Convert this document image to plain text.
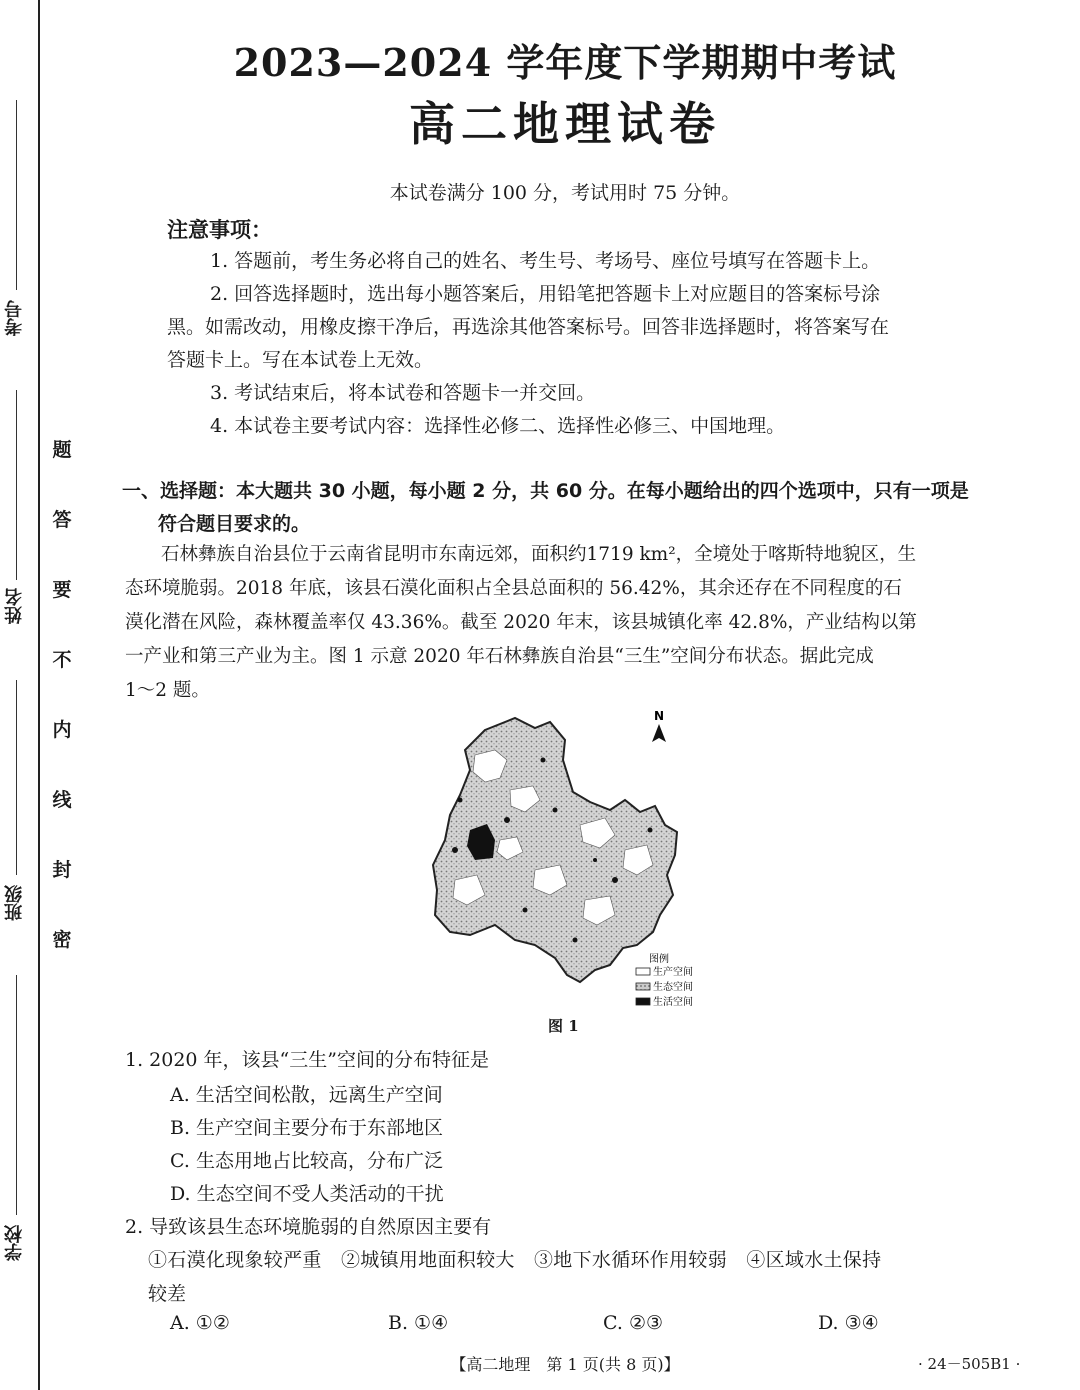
考号
姓名
班级
学校
题
答
要
不
内
线
封
密
2023—2024 学年度下学期期中考试
高二地理试卷
本试卷满分 100 分，考试用时 75 分钟。
注意事项：
1. 答题前，考生务必将自己的姓名、考生号、考场号、座位号填写在答题卡上。
2. 回答选择题时，选出每小题答案后，用铅笔把答题卡上对应题目的答案标号涂
黑。如需改动，用橡皮擦干净后，再选涂其他答案标号。回答非选择题时，将答案写在
答题卡上。写在本试卷上无效。
3. 考试结束后，将本试卷和答题卡一并交回。
4. 本试卷主要考试内容：选择性必修二、选择性必修三、中国地理。
一、选择题：本大题共 30 小题，每小题 2 分，共 60 分。在每小题给出的四个选项中，只有一项是
符合题目要求的。
石林彝族自治县位于云南省昆明市东南远郊，面积约1719 km²，全境处于喀斯特地貌区，生
态环境脆弱。2018 年底，该县石漠化面积占全县总面积的 56.42%，其余还存在不同程度的石
漠化潜在风险，森林覆盖率仅 43.36%。截至 2020 年末，该县城镇化率 42.8%，产业结构以第
一产业和第三产业为主。图 1 示意 2020 年石林彝族自治县“三生”空间分布状态。据此完成
1～2 题。
N
图例
生产空间
生态空间
生活空间
图 1
1. 2020 年，该县“三生”空间的分布特征是
A. 生活空间松散，远离生产空间
B. 生产空间主要分布于东部地区
C. 生态用地占比较高，分布广泛
D. 生态空间不受人类活动的干扰
2. 导致该县生态环境脆弱的自然原因主要有
①石漠化现象较严重　②城镇用地面积较大　③地下水循环作用较弱　④区域水土保持
较差
A. ①②	B. ①④	C. ②③	D. ③④
【高二地理　第 1 页(共 8 页)】	· 24－505B1 ·
